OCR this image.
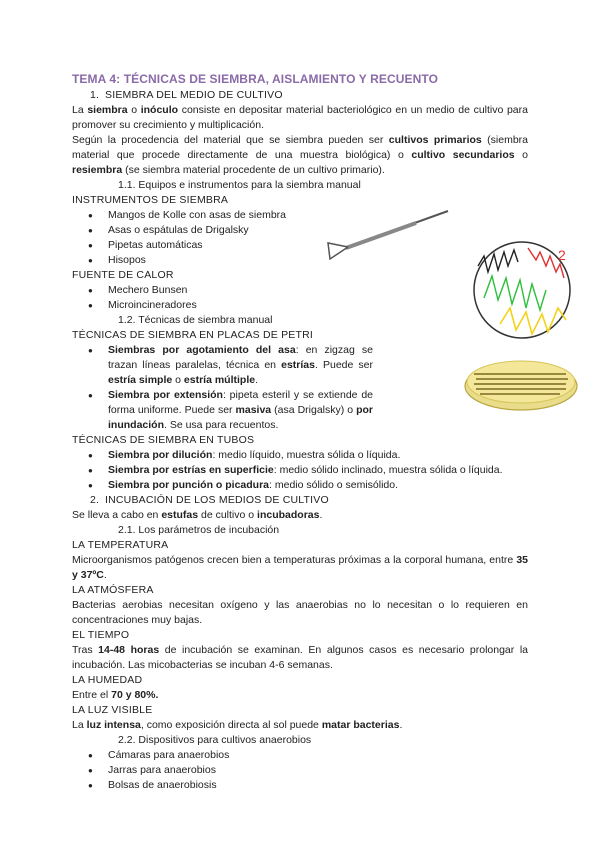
2
TEMA 4: TÉCNICAS DE SIEMBRA, AISLAMIENTO Y RECUENTO

1. SIEMBRA DEL MEDIO DE CULTIVO

La siembra o inóculo consiste en depositar material bacteriológico en un medio de cultivo para promover su crecimiento y multiplicación.

Según la procedencia del material que se siembra pueden ser cultivos primarios (siembra material que procede directamente de una muestra biológica) o cultivo secundarios o resiembra (se siembra material procedente de un cultivo primario).

1.1. Equipos e instrumentos para la siembra manual

INSTRUMENTOS DE SIEMBRA

● Mangos de Kolle con asas de siembra
● Asas o espátulas de Drigalsky
● Pipetas automáticas
● Hisopos

FUENTE DE CALOR

● Mechero Bunsen
● Microincineradores

1.2. Técnicas de siembra manual

TÉCNICAS DE SIEMBRA EN PLACAS DE PETRI

● Siembras por agotamiento del asa: en zigzag se trazan líneas paralelas, técnica en estrías. Puede ser estría simple o estría múltiple.
● Siembra por extensión: pipeta esteril y se extiende de forma uniforme. Puede ser masiva (asa Drigalsky) o por inundación. Se usa para recuentos.

TÉCNICAS DE SIEMBRA EN TUBOS

● Siembra por dilución: medio líquido, muestra sólida o líquida.
● Siembra por estrías en superficie: medio sólido inclinado, muestra sólida o líquida.
● Siembra por punción o picadura: medio sólido o semisólido.

2. INCUBACIÓN DE LOS MEDIOS DE CULTIVO

Se lleva a cabo en estufas de cultivo o incubadoras.

2.1. Los parámetros de incubación

LA TEMPERATURA

Microorganismos patógenos crecen bien a temperaturas próximas a la corporal humana, entre 35 y 37ºC.

LA ATMÓSFERA

Bacterias aerobias necesitan oxígeno y las anaerobias no lo necesitan o lo requieren en concentraciones muy bajas.

EL TIEMPO

Tras 14-48 horas de incubación se examinan. En algunos casos es necesario prolongar la incubación. Las micobacterias se incuban 4-6 semanas.

LA HUMEDAD

Entre el 70 y 80%.

LA LUZ VISIBLE

La luz intensa, como exposición directa al sol puede matar bacterias.

2.2. Dispositivos para cultivos anaerobios

● Cámaras para anaerobios
● Jarras para anaerobios
● Bolsas de anaerobiosis
